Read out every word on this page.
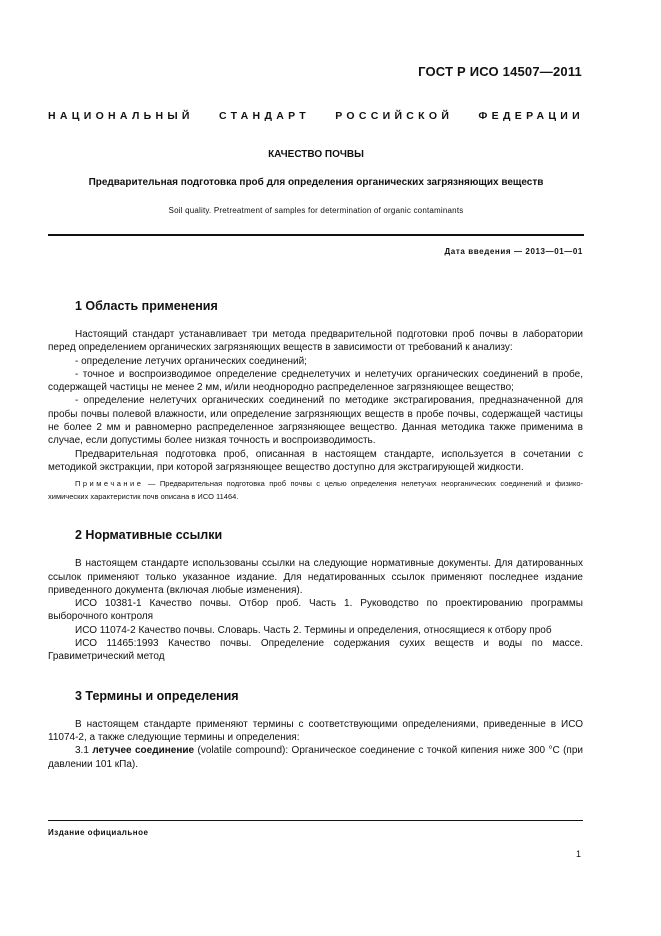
ГОСТ Р ИСО 14507—2011
НАЦИОНАЛЬНЫЙ СТАНДАРТ РОССИЙСКОЙ ФЕДЕРАЦИИ
КАЧЕСТВО ПОЧВЫ
Предварительная подготовка проб для определения органических загрязняющих веществ
Soil quality. Pretreatment of samples for determination of organic contaminants
Дата введения — 2013—01—01
1 Область применения

Настоящий стандарт устанавливает три метода предварительной подготовки проб почвы в лаборатории перед определением органических загрязняющих веществ в зависимости от требований к анализу:

- определение летучих органических соединений;

- точное и воспроизводимое определение среднелетучих и нелетучих органических соединений в пробе, содержащей частицы не менее 2 мм, и/или неоднородно распределенное загрязняющее вещество;

- определение нелетучих органических соединений по методике экстрагирования, предназначенной для пробы почвы полевой влажности, или определение загрязняющих веществ в пробе почвы, содержащей частицы не более 2 мм и равномерно распределенное загрязняющее вещество. Данная методика также применима в случае, если допустимы более низкая точность и воспроизводимость.

Предварительная подготовка проб, описанная в настоящем стандарте, используется в сочетании с методикой экстракции, при которой загрязняющее вещество доступно для экстрагирующей жидкости.

Примечание — Предварительная подготовка проб почвы с целью определения нелетучих неорганических соединений и физико-химических характеристик почв описана в ИСО 11464.

2 Нормативные ссылки

В настоящем стандарте использованы ссылки на следующие нормативные документы. Для датированных ссылок применяют только указанное издание. Для недатированных ссылок применяют последнее издание приведенного документа (включая любые изменения).

ИСО 10381-1 Качество почвы. Отбор проб. Часть 1. Руководство по проектированию программы выборочного контроля

ИСО 11074-2 Качество почвы. Словарь. Часть 2. Термины и определения, относящиеся к отбору проб

ИСО 11465:1993 Качество почвы. Определение содержания сухих веществ и воды по массе. Гравиметрический метод

3 Термины и определения

В настоящем стандарте применяют термины с соответствующими определениями, приведенные в ИСО 11074-2, а также следующие термины и определения:

3.1 летучее соединение (volatile compound): Органическое соединение с точкой кипения ниже 300 °С (при давлении 101 кПа).

Издание официальное
1
